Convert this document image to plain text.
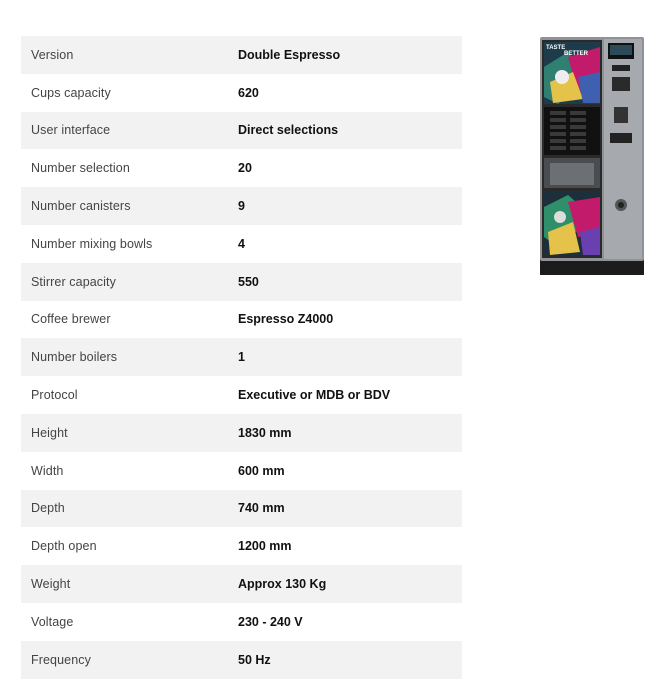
Version	Double Espresso
Cups capacity	620
User interface	Direct selections
Number selection	20
Number canisters	9
Number mixing bowls	4
Stirrer capacity	550
Coffee brewer	Espresso Z4000
Number boilers	1
Protocol	Executive or MDB or BDV
Height	1830 mm
Width	600 mm
Depth	740 mm
Depth open	1200 mm
Weight	Approx 130 Kg
Voltage	230 - 240 V
Frequency	50 Hz
TASTE
BETTER
